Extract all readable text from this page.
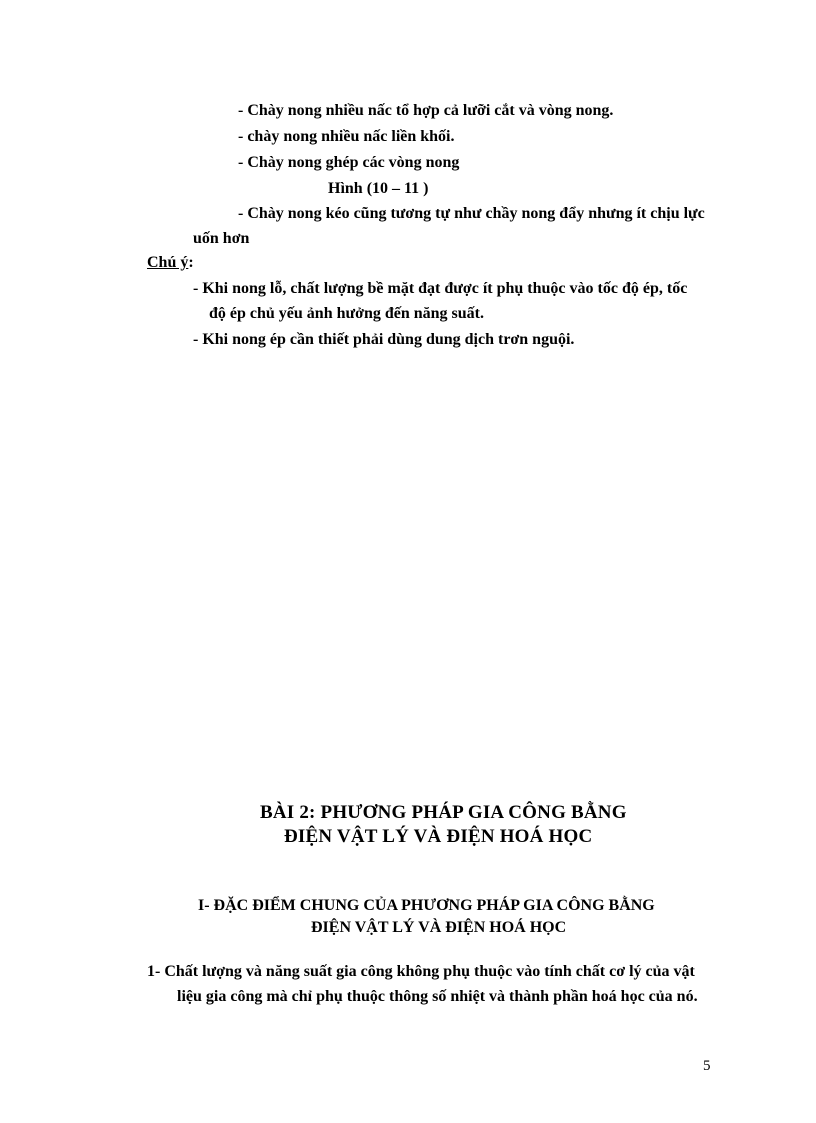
- Chày nong nhiều nấc tổ hợp cả lưỡi cắt và vòng nong.
- chày nong nhiều nấc liền khối.
- Chày nong ghép các vòng nong
Hình (10 – 11 )
- Chày nong kéo cũng tương tự như chầy nong đẩy nhưng ít chịu lực
uốn hơn
Chú ý:
- Khi nong lỗ, chất lượng bề mặt đạt được ít phụ thuộc vào tốc độ ép, tốc
độ ép chủ yếu ảnh hưởng đến năng suất.
- Khi nong ép cần thiết phải dùng dung dịch trơn nguội.
BÀI 2: PHƯƠNG PHÁP GIA CÔNG BẰNG
ĐIỆN VẬT LÝ VÀ ĐIỆN HOÁ HỌC
I- ĐẶC ĐIỂM CHUNG CỦA PHƯƠNG PHÁP GIA CÔNG BẰNG
ĐIỆN VẬT LÝ VÀ ĐIỆN HOÁ HỌC
1- Chất lượng và năng suất gia công không phụ thuộc vào tính chất cơ lý của vật
liệu gia công mà chỉ phụ thuộc thông số nhiệt và thành phần hoá học của nó.
5
